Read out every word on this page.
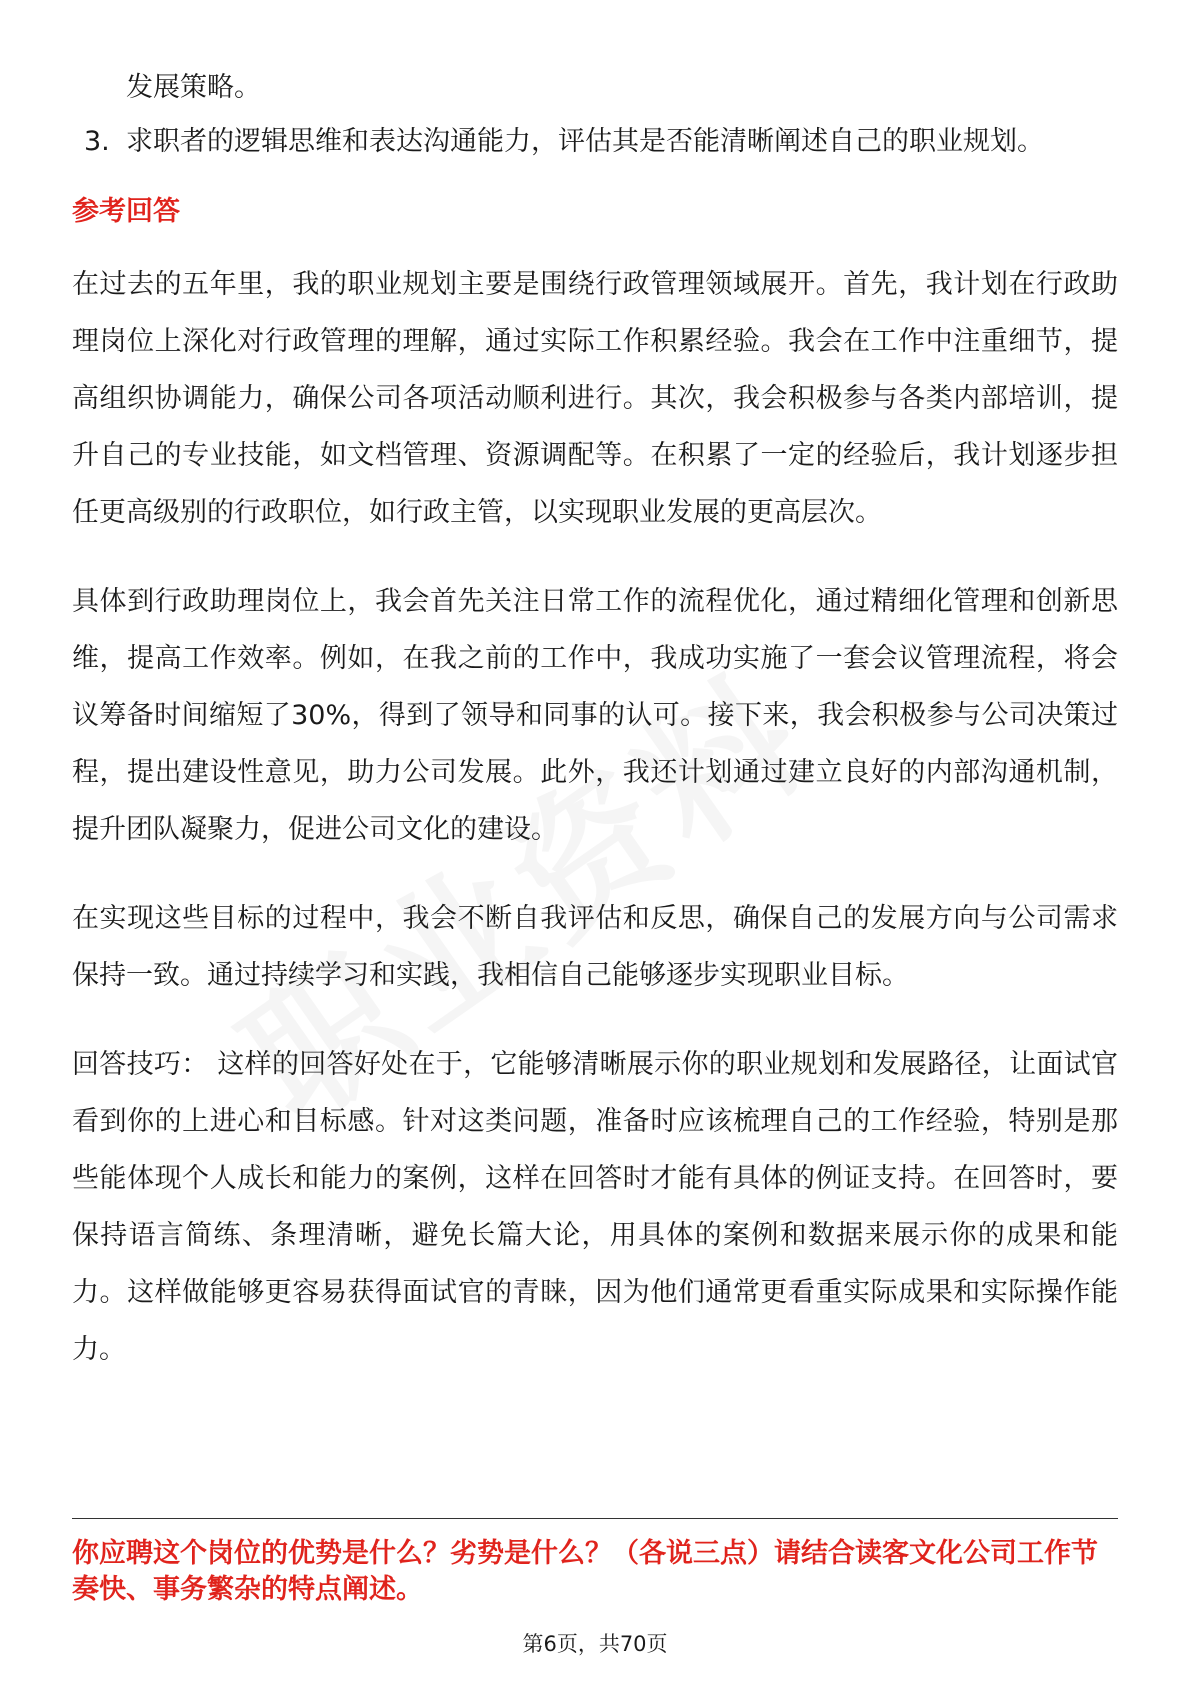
发展策略。

3. 求职者的逻辑思维和表达沟通能力，评估其是否能清晰阐述自己的职业规划。

参考回答

在过去的五年里，我的职业规划主要是围绕行政管理领域展开。首先，我计划在行政助理岗位上深化对行政管理的理解，通过实际工作积累经验。我会在工作中注重细节，提高组织协调能力，确保公司各项活动顺利进行。其次，我会积极参与各类内部培训，提升自己的专业技能，如文档管理、资源调配等。在积累了一定的经验后，我计划逐步担任更高级别的行政职位，如行政主管，以实现职业发展的更高层次。

具体到行政助理岗位上，我会首先关注日常工作的流程优化，通过精细化管理和创新思维，提高工作效率。例如，在我之前的工作中，我成功实施了一套会议管理流程，将会议筹备时间缩短了30%，得到了领导和同事的认可。接下来，我会积极参与公司决策过程，提出建设性意见，助力公司发展。此外，我还计划通过建立良好的内部沟通机制，提升团队凝聚力，促进公司文化的建设。

在实现这些目标的过程中，我会不断自我评估和反思，确保自己的发展方向与公司需求保持一致。通过持续学习和实践，我相信自己能够逐步实现职业目标。

回答技巧： 这样的回答好处在于，它能够清晰展示你的职业规划和发展路径，让面试官看到你的上进心和目标感。针对这类问题，准备时应该梳理自己的工作经验，特别是那些能体现个人成长和能力的案例，这样在回答时才能有具体的例证支持。在回答时，要保持语言简练、条理清晰，避免长篇大论，用具体的案例和数据来展示你的成果和能力。这样做能够更容易获得面试官的青睐，因为他们通常更看重实际成果和实际操作能力。

你应聘这个岗位的优势是什么？劣势是什么？（各说三点）请结合读客文化公司工作节奏快、事务繁杂的特点阐述。

第6页，共70页
